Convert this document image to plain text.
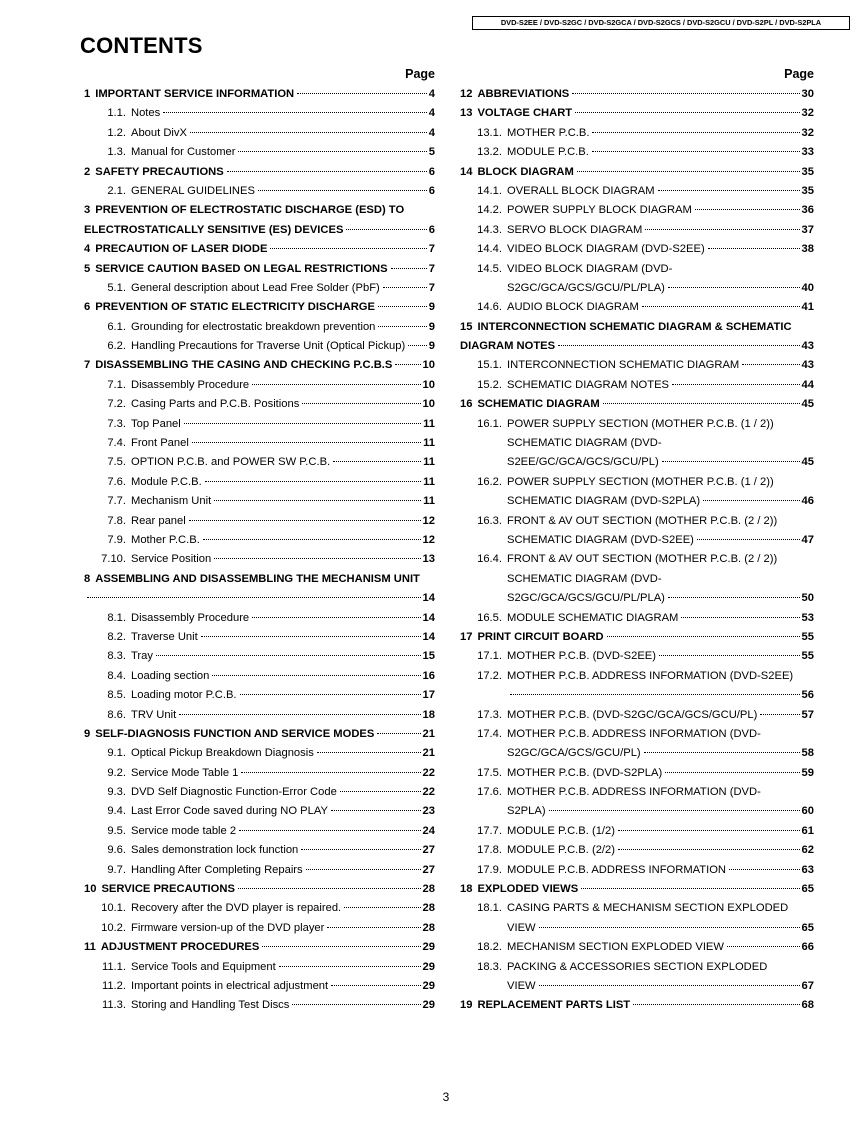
DVD-S2EE / DVD-S2GC / DVD-S2GCA / DVD-S2GCS / DVD-S2GCU / DVD-S2PL / DVD-S2PLA
CONTENTS
Page
1 IMPORTANT SERVICE INFORMATION	4
1.1. Notes	4
1.2. About DivX	4
1.3. Manual for Customer	5
2 SAFETY PRECAUTIONS	6
2.1. GENERAL GUIDELINES	6
3 PREVENTION OF ELECTROSTATIC DISCHARGE (ESD) TO
ELECTROSTATICALLY SENSITIVE (ES) DEVICES	6
4 PRECAUTION OF LASER DIODE	7
5 SERVICE CAUTION BASED ON LEGAL RESTRICTIONS	7
5.1. General description about Lead Free Solder (PbF)	7
6 PREVENTION OF STATIC ELECTRICITY DISCHARGE	9
6.1. Grounding for electrostatic breakdown prevention	9
6.2. Handling Precautions for Traverse Unit (Optical Pickup) 9
7 DISASSEMBLING THE CASING AND CHECKING P.C.B.S	10
7.1. Disassembly Procedure	10
7.2. Casing Parts and P.C.B. Positions	10
7.3. Top Panel	11
7.4. Front Panel	11
7.5. OPTION P.C.B. and POWER SW P.C.B.	11
7.6. Module P.C.B.	11
7.7. Mechanism Unit	11
7.8. Rear panel	12
7.9. Mother P.C.B.	12
7.10. Service Position	13
8 ASSEMBLING AND DISASSEMBLING THE MECHANISM UNIT
14
8.1. Disassembly Procedure	14
8.2. Traverse Unit	14
8.3. Tray	15
8.4. Loading section	16
8.5. Loading motor P.C.B.	17
8.6. TRV Unit	18
9 SELF-DIAGNOSIS FUNCTION AND SERVICE MODES	21
9.1. Optical Pickup Breakdown Diagnosis	21
9.2. Service Mode Table 1	22
9.3. DVD Self Diagnostic Function-Error Code	22
9.4. Last Error Code saved during NO PLAY	23
9.5. Service mode table 2	24
9.6. Sales demonstration lock function	27
9.7. Handling After Completing Repairs	27
10 SERVICE PRECAUTIONS	28
10.1. Recovery after the DVD player is repaired.	28
10.2. Firmware version-up of the DVD player	28
11 ADJUSTMENT PROCEDURES	29
11.1. Service Tools and Equipment	29
11.2. Important points in electrical adjustment	29
11.3. Storing and Handling Test Discs	29
Page
12 ABBREVIATIONS	30
13 VOLTAGE CHART	32
13.1. MOTHER P.C.B.	32
13.2. MODULE P.C.B.	33
14 BLOCK DIAGRAM	35
14.1. OVERALL BLOCK DIAGRAM	35
14.2. POWER SUPPLY BLOCK DIAGRAM	36
14.3. SERVO BLOCK DIAGRAM	37
14.4. VIDEO BLOCK DIAGRAM (DVD-S2EE)	38
14.5. VIDEO BLOCK DIAGRAM (DVD-
S2GC/GCA/GCS/GCU/PL/PLA)	40
14.6. AUDIO BLOCK DIAGRAM	41
15 INTERCONNECTION SCHEMATIC DIAGRAM & SCHEMATIC
DIAGRAM NOTES	43
15.1. INTERCONNECTION SCHEMATIC DIAGRAM	43
15.2. SCHEMATIC DIAGRAM NOTES	44
16 SCHEMATIC DIAGRAM	45
16.1. POWER SUPPLY SECTION (MOTHER P.C.B. (1 / 2))
SCHEMATIC DIAGRAM (DVD-
S2EE/GC/GCA/GCS/GCU/PL)	45
16.2. POWER SUPPLY SECTION (MOTHER P.C.B. (1 / 2))
SCHEMATIC DIAGRAM (DVD-S2PLA)	46
16.3. FRONT & AV OUT SECTION (MOTHER P.C.B. (2 / 2))
SCHEMATIC DIAGRAM (DVD-S2EE)	47
16.4. FRONT & AV OUT SECTION (MOTHER P.C.B. (2 / 2))
SCHEMATIC DIAGRAM (DVD-
S2GC/GCA/GCS/GCU/PL/PLA)	50
16.5. MODULE SCHEMATIC DIAGRAM	53
17 PRINT CIRCUIT BOARD	55
17.1. MOTHER P.C.B. (DVD-S2EE)	55
17.2. MOTHER P.C.B. ADDRESS INFORMATION (DVD-S2EE)
56
17.3. MOTHER P.C.B. (DVD-S2GC/GCA/GCS/GCU/PL)	57
17.4. MOTHER P.C.B. ADDRESS INFORMATION (DVD-
S2GC/GCA/GCS/GCU/PL)	58
17.5. MOTHER P.C.B. (DVD-S2PLA)	59
17.6. MOTHER P.C.B. ADDRESS INFORMATION (DVD-
S2PLA)	60
17.7. MODULE P.C.B. (1/2)	61
17.8. MODULE P.C.B. (2/2)	62
17.9. MODULE P.C.B. ADDRESS INFORMATION	63
18 EXPLODED VIEWS	65
18.1. CASING PARTS & MECHANISM SECTION EXPLODED
VIEW	65
18.2. MECHANISM SECTION EXPLODED VIEW	66
18.3. PACKING & ACCESSORIES SECTION EXPLODED
VIEW	67
19 REPLACEMENT PARTS LIST	68
3
